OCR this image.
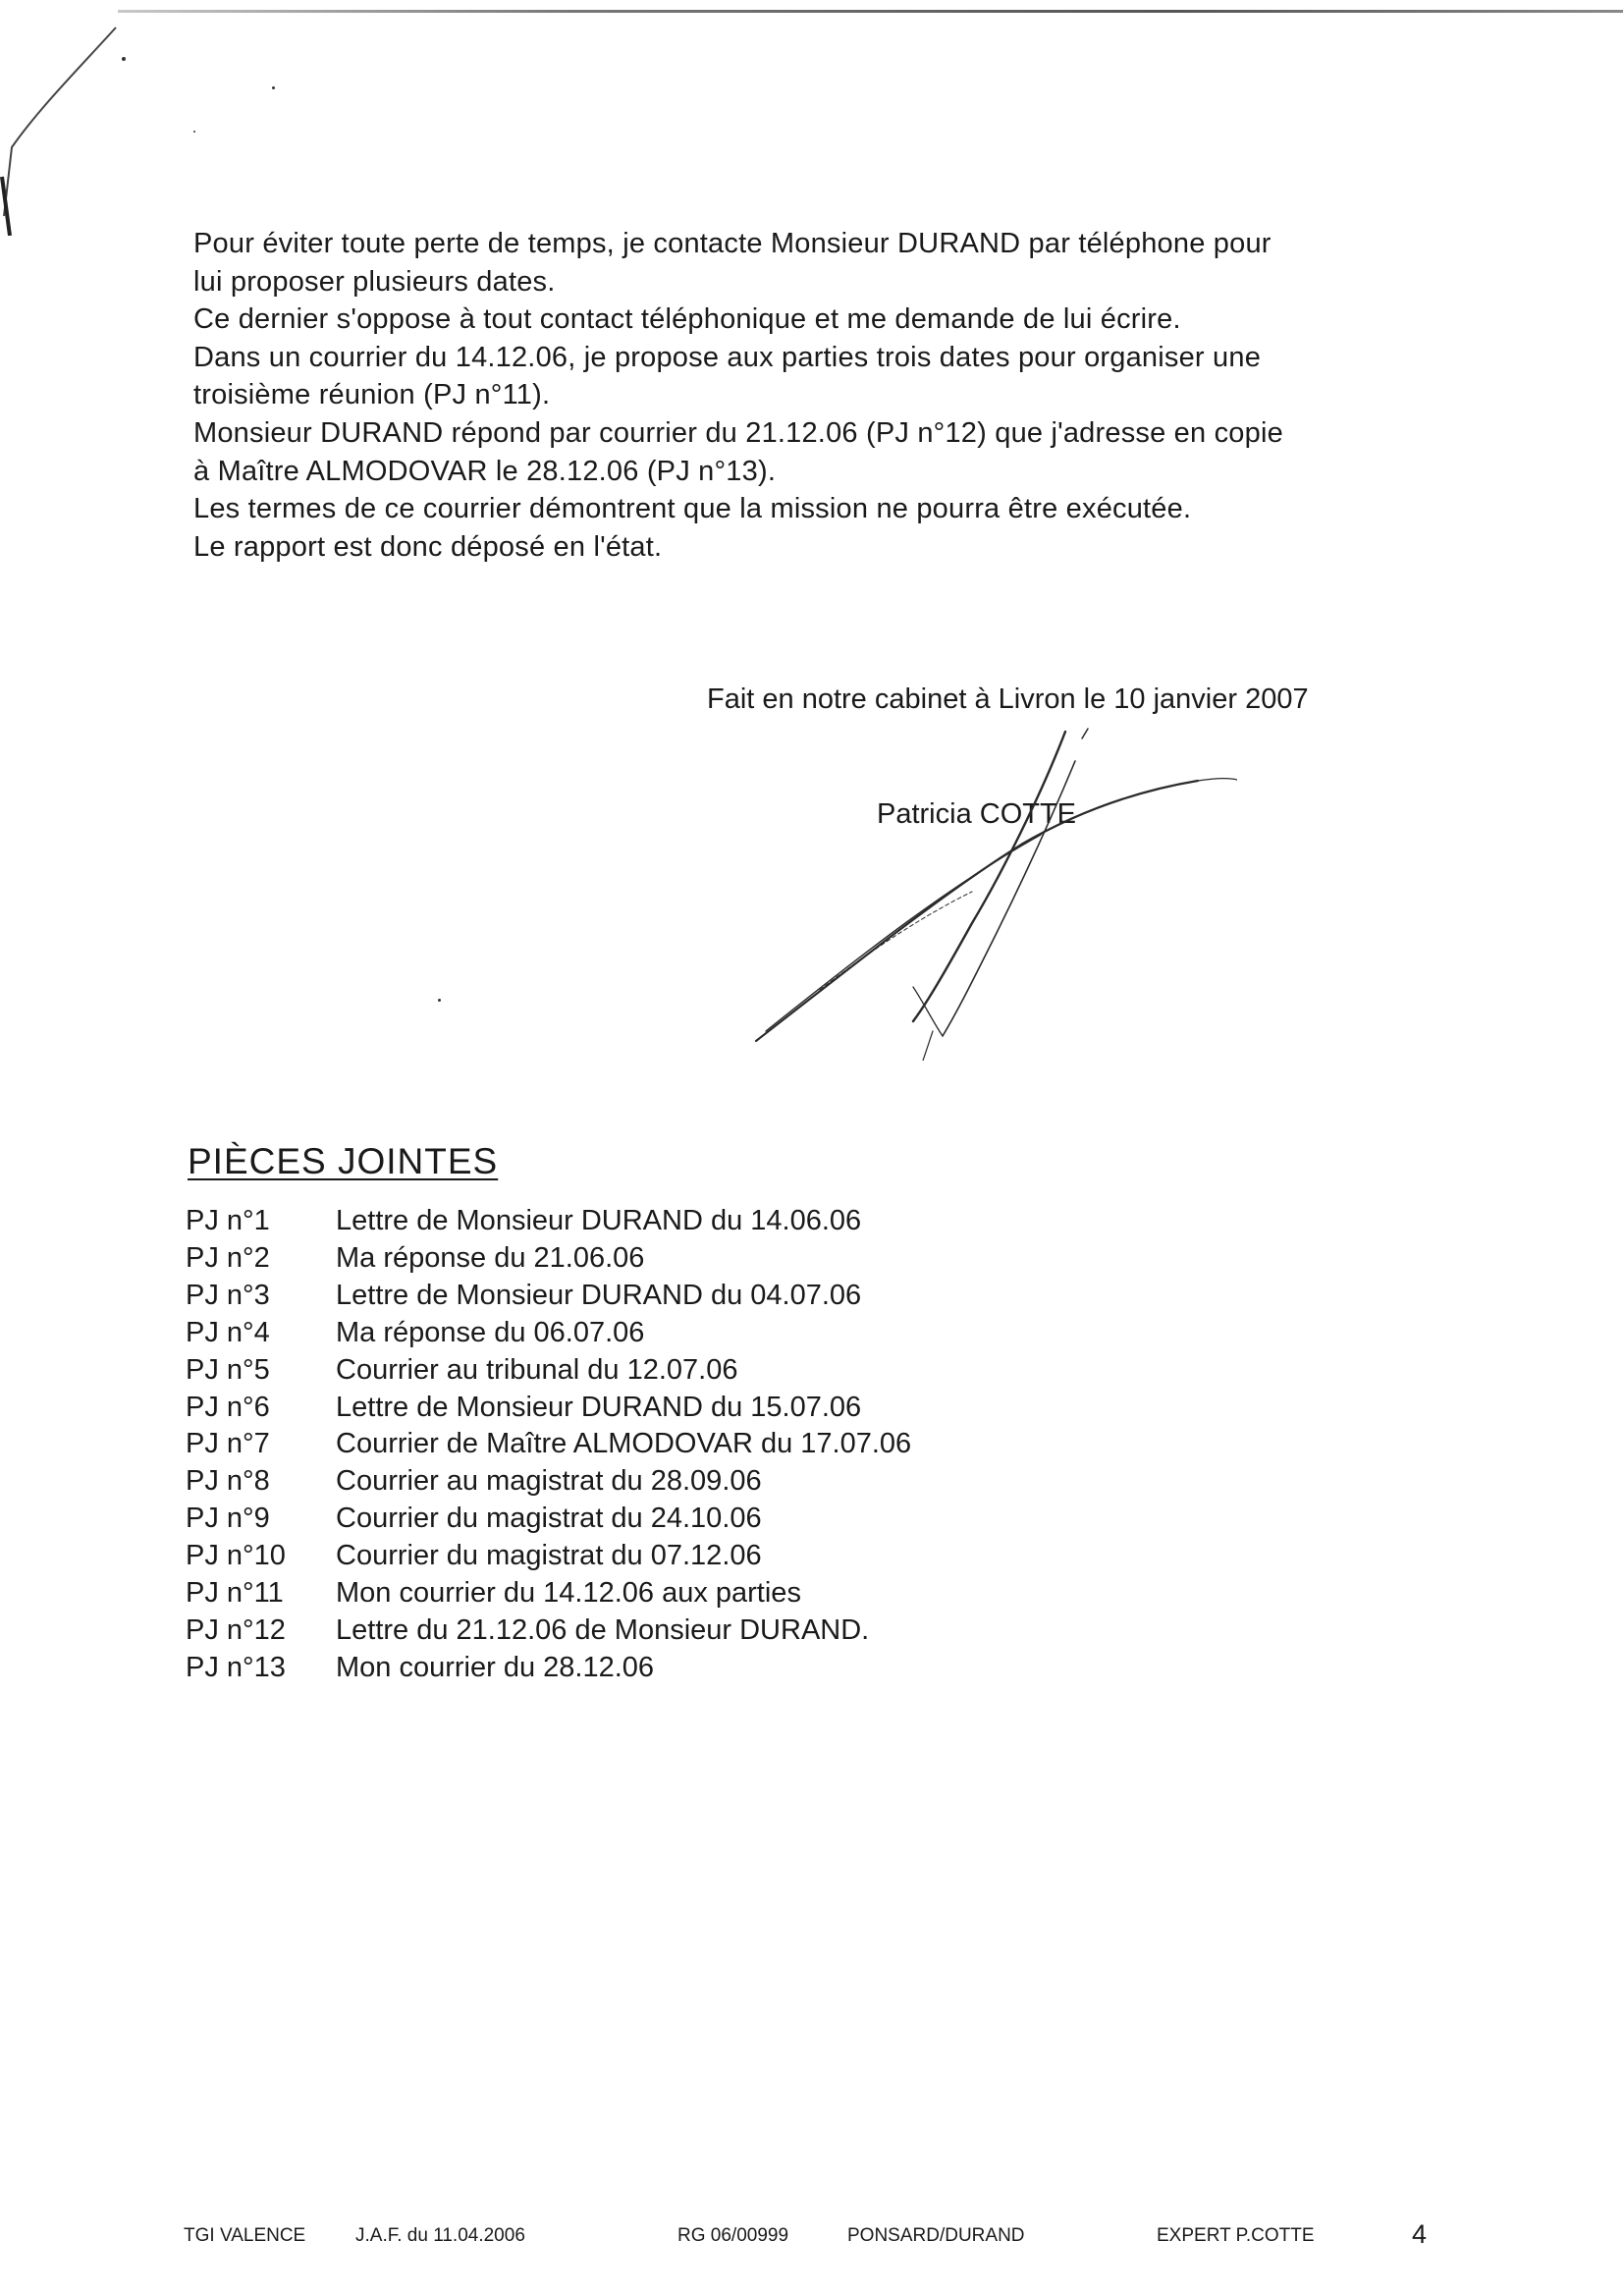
Pour éviter toute perte de temps, je contacte Monsieur DURAND par téléphone pour

lui proposer plusieurs dates.

Ce dernier s'oppose à tout contact téléphonique et me demande de lui écrire.

Dans un courrier du 14.12.06, je propose aux parties trois dates pour organiser une

troisième réunion (PJ n°11).

Monsieur DURAND répond par courrier du 21.12.06 (PJ n°12) que j'adresse en copie

à Maître ALMODOVAR le 28.12.06 (PJ n°13).

Les termes de ce courrier démontrent que la mission ne pourra être exécutée.

Le rapport est donc déposé en l'état.

Fait en notre cabinet à Livron le 10 janvier 2007
Patricia COTTE
PIÈCES JOINTES
PJ n°1	Lettre de Monsieur DURAND du 14.06.06
PJ n°2	Ma réponse du 21.06.06
PJ n°3	Lettre de Monsieur DURAND du 04.07.06
PJ n°4	Ma réponse du 06.07.06
PJ n°5	Courrier au tribunal du 12.07.06
PJ n°6	Lettre de Monsieur DURAND du 15.07.06
PJ n°7	Courrier de Maître ALMODOVAR du 17.07.06
PJ n°8	Courrier au magistrat du 28.09.06
PJ n°9	Courrier du magistrat du 24.10.06
PJ n°10	Courrier du magistrat du 07.12.06
PJ n°11	Mon courrier du 14.12.06 aux parties
PJ n°12	Lettre du 21.12.06 de Monsieur DURAND.
PJ n°13	Mon courrier du 28.12.06
TGI VALENCE	J.A.F. du 11.04.2006	RG 06/00999	PONSARD/DURAND	EXPERT P.COTTE	4
